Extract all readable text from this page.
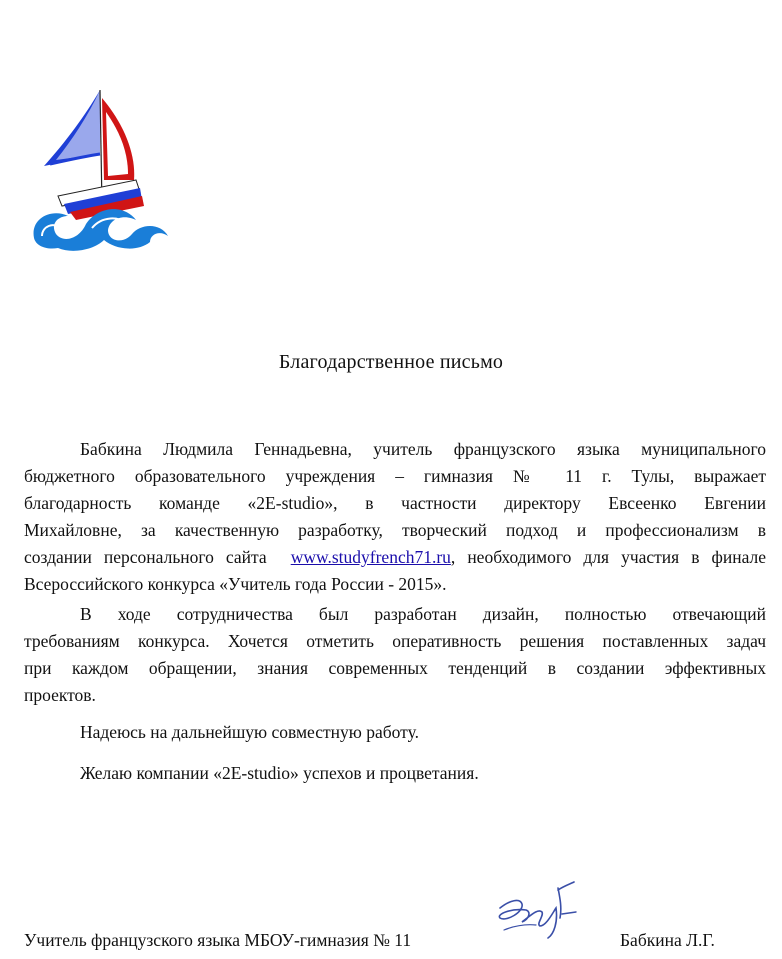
Благодарственное письмо
Бабкина Людмила Геннадьевна, учитель французского языка муниципального
бюджетного образовательного учреждения – гимназия № 11 г. Тулы, выражает
благодарность команде «2E-studio», в частности директору Евсеенко Евгении
Михайловне, за качественную разработку, творческий подход и профессионализм в
создании персонального сайта  www.studyfrench71.ru, необходимого для участия в финале
Всероссийского конкурса «Учитель года России - 2015».
В ходе сотрудничества был разработан дизайн, полностью отвечающий
требованиям конкурса. Хочется отметить оперативность решения поставленных задач
при каждом обращении, знания современных тенденций в создании эффективных
проектов.
Надеюсь на дальнейшую совместную работу.
Желаю компании «2E-studio» успехов и процветания.
Учитель французского языка МБОУ-гимназия № 11	Бабкина Л.Г.
